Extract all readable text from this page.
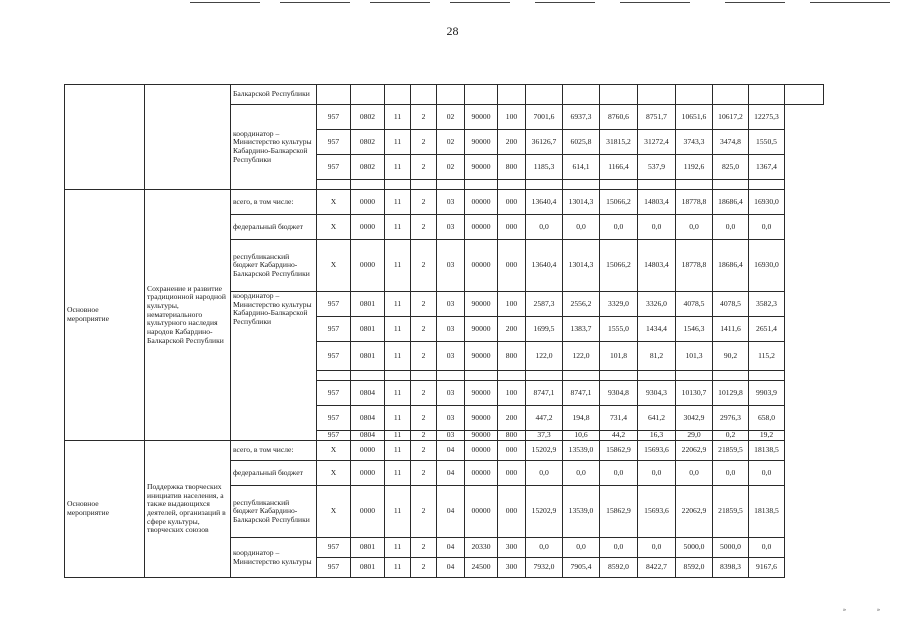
28
		Балкарской Республики															
		координатор – Министерство культуры Кабардино-Балкарской Республики	957	0802	11	2	02	90000	100	7001,6	6937,3	8760,6	8751,7	10651,6	10617,2	12275,3	
			957	0802	11	2	02	90000	200	36126,7	6025,8	31815,2	31272,4	3743,3	3474,8	1550,5	
			957	0802	11	2	02	90000	800	1185,3	614,1	1166,4	537,9	1192,6	825,0	1367,4	

Основное мероприятие	Сохранение и развитие традиционной народной культуры, нематериального культурного наследия народов Кабардино-Балкарской Республики	всего, в том числе:	X	0000	11	2	03	00000	000	13640,4	13014,3	15066,2	14803,4	18778,8	18686,4	16930,0	
		федеральный бюджет	X	0000	11	2	03	00000	000	0,0	0,0	0,0	0,0	0,0	0,0	0,0	
		республиканский бюджет Кабардино-Балкарской Республики	X	0000	11	2	03	00000	000	13640,4	13014,3	15066,2	14803,4	18778,8	18686,4	16930,0	
		координатор – Министерство культуры Кабардино-Балкарской Республики	957	0801	11	2	03	90000	100	2587,3	2556,2	3329,0	3326,0	4078,5	4078,5	3582,3	
			957	0801	11	2	03	90000	200	1699,5	1383,7	1555,0	1434,4	1546,3	1411,6	2651,4	
			957	0801	11	2	03	90000	800	122,0	122,0	101,8	81,2	101,3	90,2	115,2	

			957	0804	11	2	03	90000	100	8747,1	8747,1	9304,8	9304,3	10130,7	10129,8	9903,9	
			957	0804	11	2	03	90000	200	447,2	194,8	731,4	641,2	3042,9	2976,3	658,0	
			957	0804	11	2	03	90000	800	37,3	10,6	44,2	16,3	29,0	0,2	19,2	
Основное мероприятие	Поддержка творческих инициатив населения, а также выдающихся деятелей, организаций в сфере культуры, творческих союзов	всего, в том числе:	X	0000	11	2	04	00000	000	15202,9	13539,0	15862,9	15693,6	22062,9	21859,5	18138,5	
		федеральный бюджет	X	0000	11	2	04	00000	000	0,0	0,0	0,0	0,0	0,0	0,0	0,0	
		республиканский бюджет Кабардино-Балкарской Республики	X	0000	11	2	04	00000	000	15202,9	13539,0	15862,9	15693,6	22062,9	21859,5	18138,5	
		координатор – Министерство культуры	957	0801	11	2	04	20330	300	0,0	0,0	0,0	0,0	5000,0	5000,0	0,0	
			957	0801	11	2	04	24500	300	7932,0	7905,4	8592,0	8422,7	8592,0	8398,3	9167,6	
»	»
